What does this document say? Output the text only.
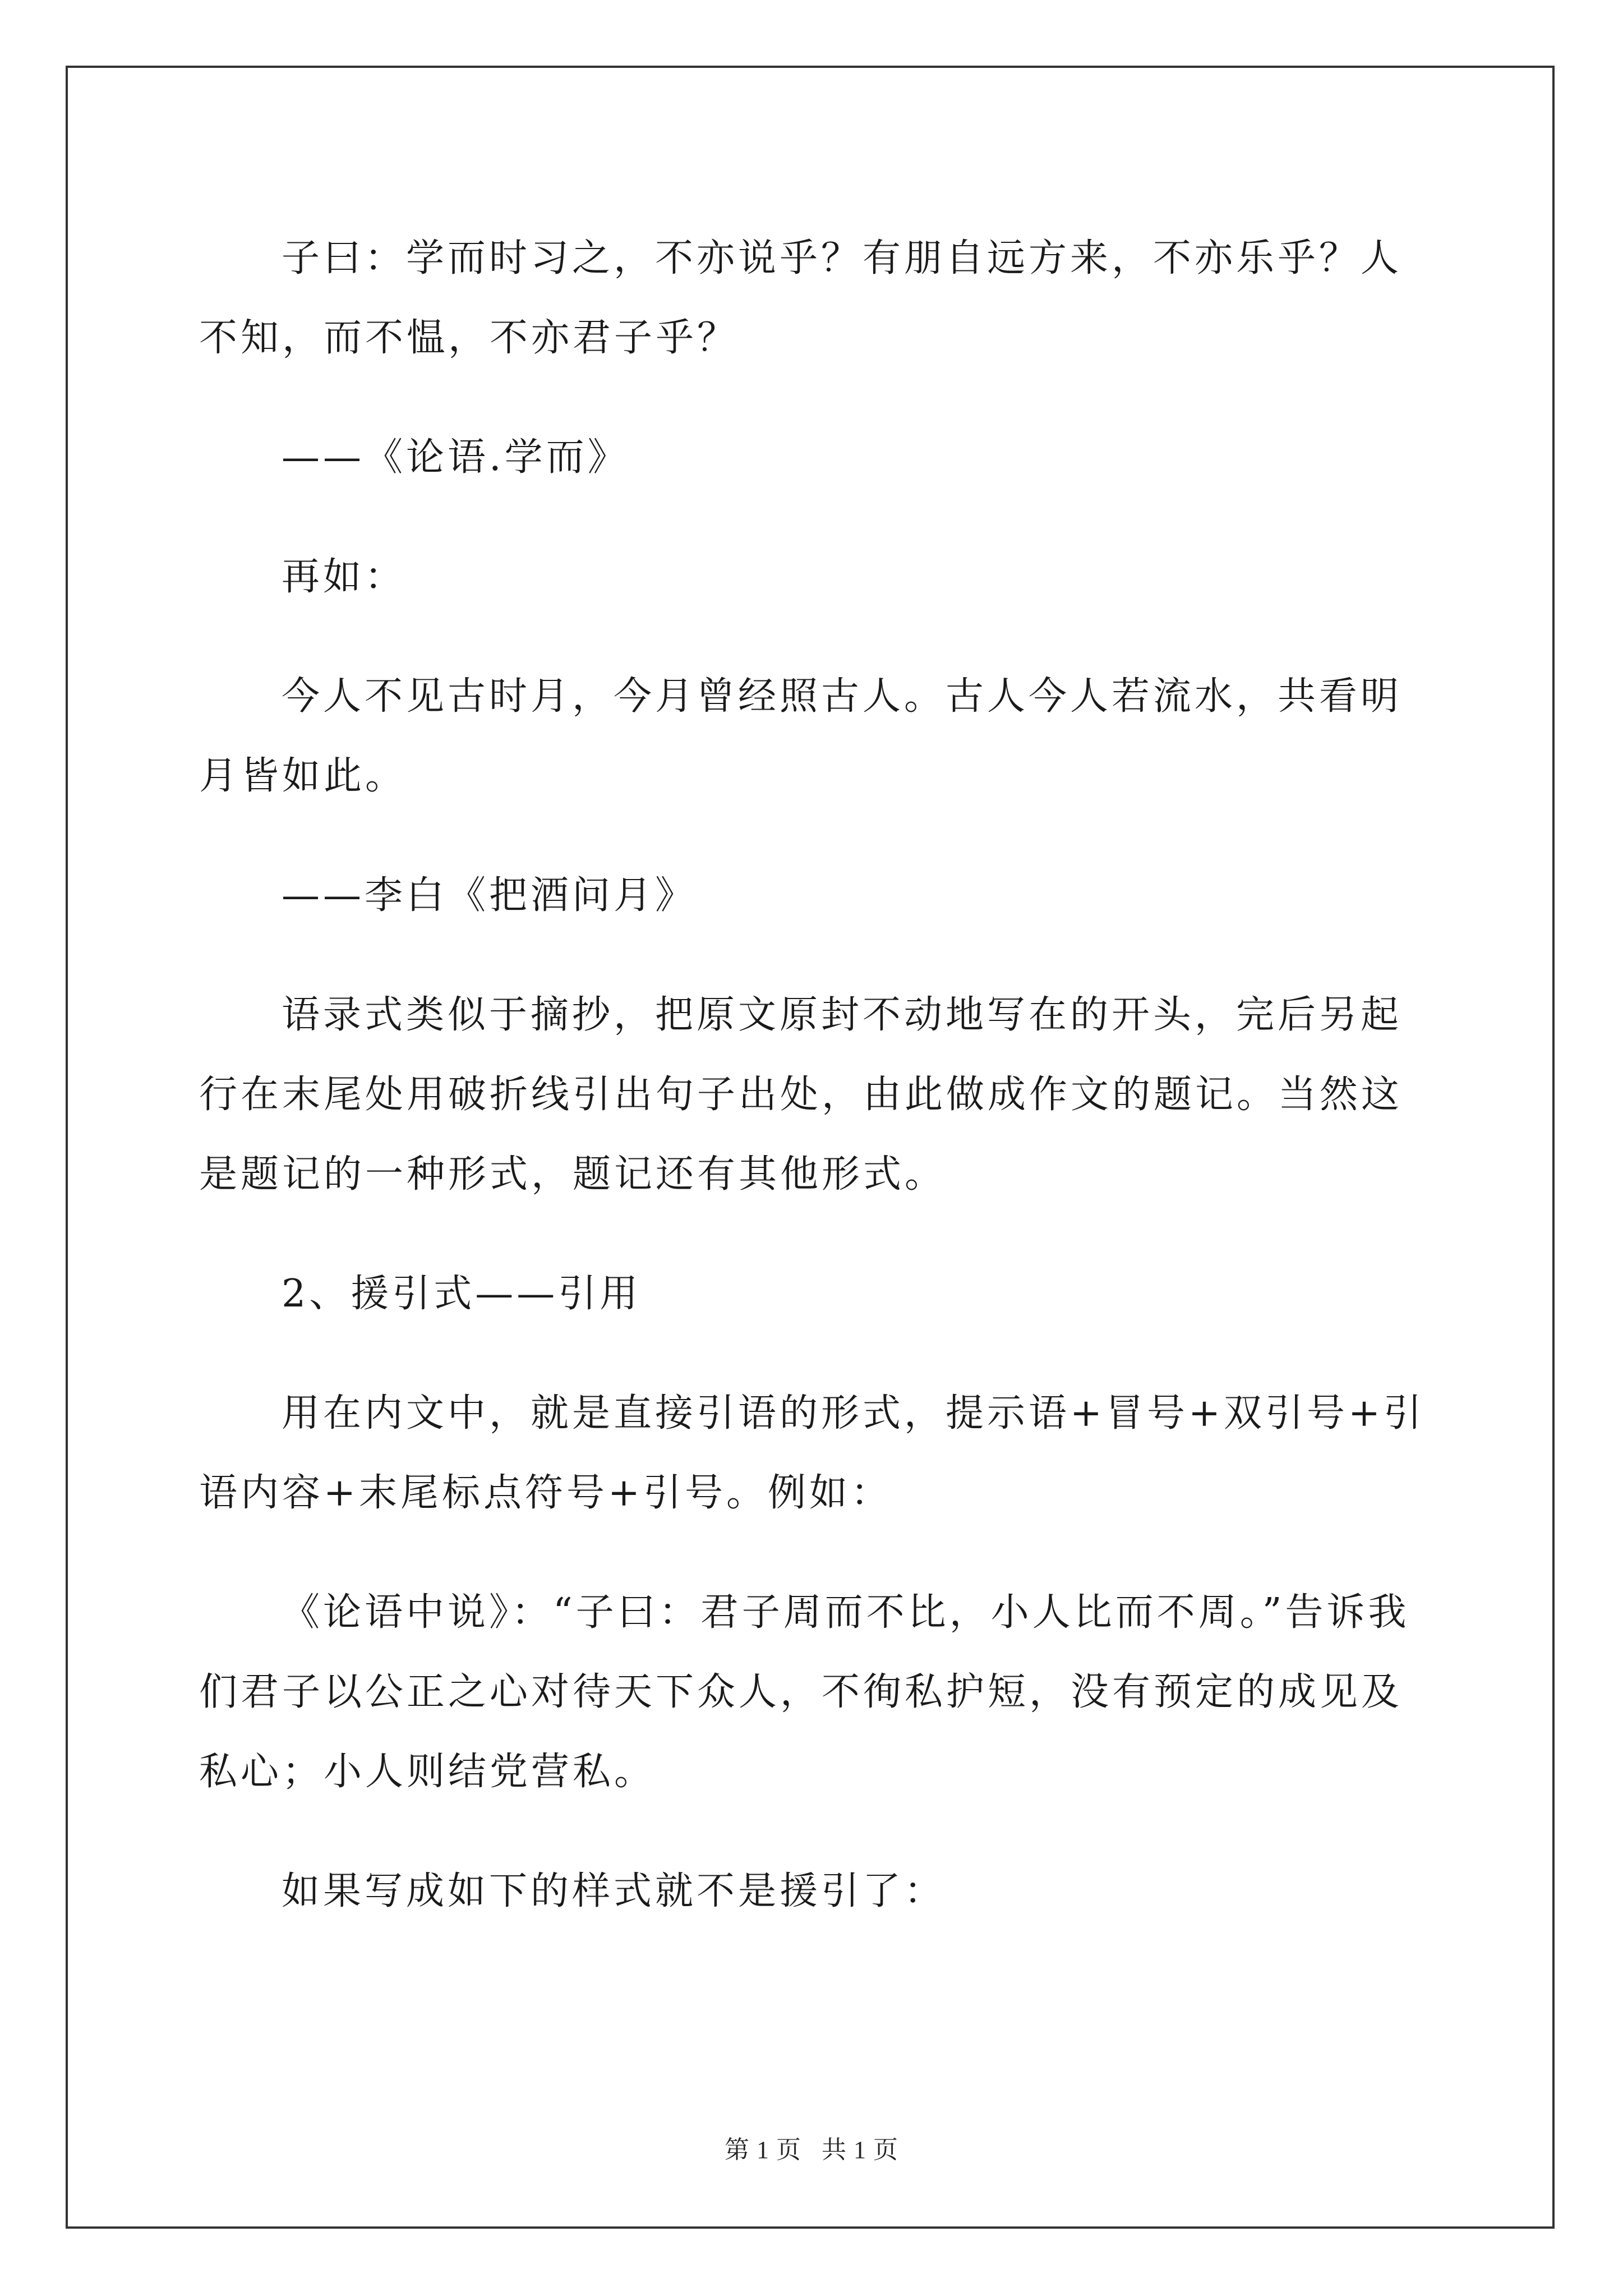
子曰：学而时习之，不亦说乎？有朋自远方来，不亦乐乎？人不知，而不愠，不亦君子乎？

——《论语.学而》

再如：

今人不见古时月，今月曾经照古人。古人今人若流水，共看明月皆如此。

——李白《把酒问月》

语录式类似于摘抄，把原文原封不动地写在的开头，完后另起行在末尾处用破折线引出句子出处，由此做成作文的题记。当然这是题记的一种形式，题记还有其他形式。

2、援引式——引用

用在内文中，就是直接引语的形式，提示语+冒号+双引号+引语内容+末尾标点符号+引号。例如：

《论语中说》：“子曰：君子周而不比，小人比而不周。”告诉我们君子以公正之心对待天下众人，不徇私护短，没有预定的成见及私心；小人则结党营私。

如果写成如下的样式就不是援引了：

第 1 页 共 1 页
